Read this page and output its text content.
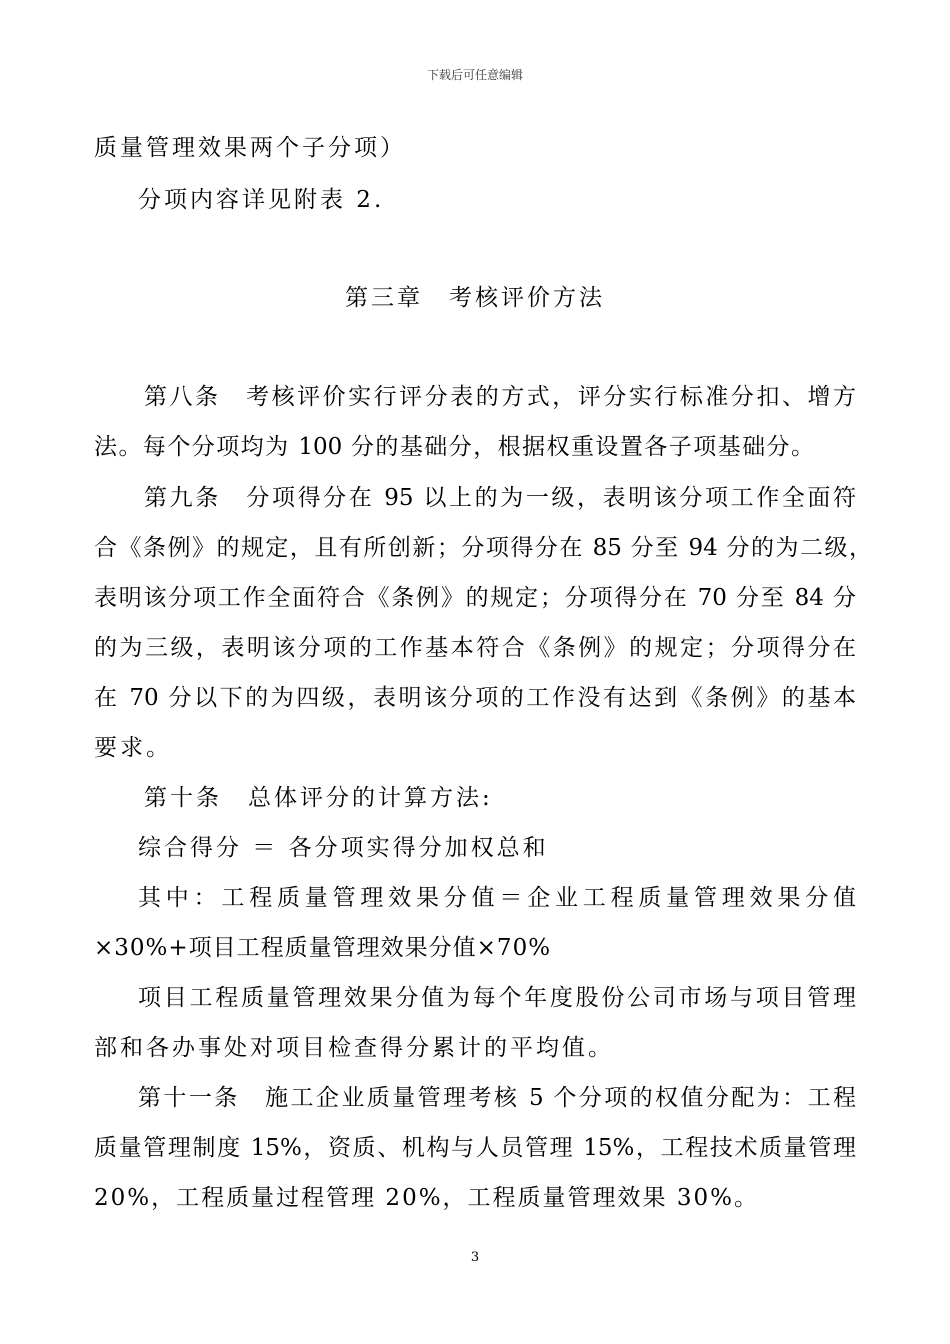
下载后可任意编辑
质量管理效果两个子分项）
分项内容详见附表 2.
第三章　考核评价方法
第八条　考核评价实行评分表的方式，评分实行标准分扣、增方
法。每个分项均为 100 分的基础分，根据权重设置各子项基础分。
第九条　分项得分在 95 以上的为一级，表明该分项工作全面符
合《条例》的规定，且有所创新；分项得分在 85 分至 94 分的为二级，
表明该分项工作全面符合《条例》的规定；分项得分在 70 分至 84 分
的为三级，表明该分项的工作基本符合《条例》的规定；分项得分在
在 70 分以下的为四级，表明该分项的工作没有达到《条例》的基本
要求。
第十条　总体评分的计算方法:
综合得分 ＝ 各分项实得分加权总和
其中：工程质量管理效果分值＝企业工程质量管理效果分值
×30%+项目工程质量管理效果分值×70%
项目工程质量管理效果分值为每个年度股份公司市场与项目管理
部和各办事处对项目检查得分累计的平均值。
第十一条　施工企业质量管理考核 5 个分项的权值分配为：工程
质量管理制度 15%，资质、机构与人员管理 15%，工程技术质量管理
20%，工程质量过程管理 20%，工程质量管理效果 30%。
3
